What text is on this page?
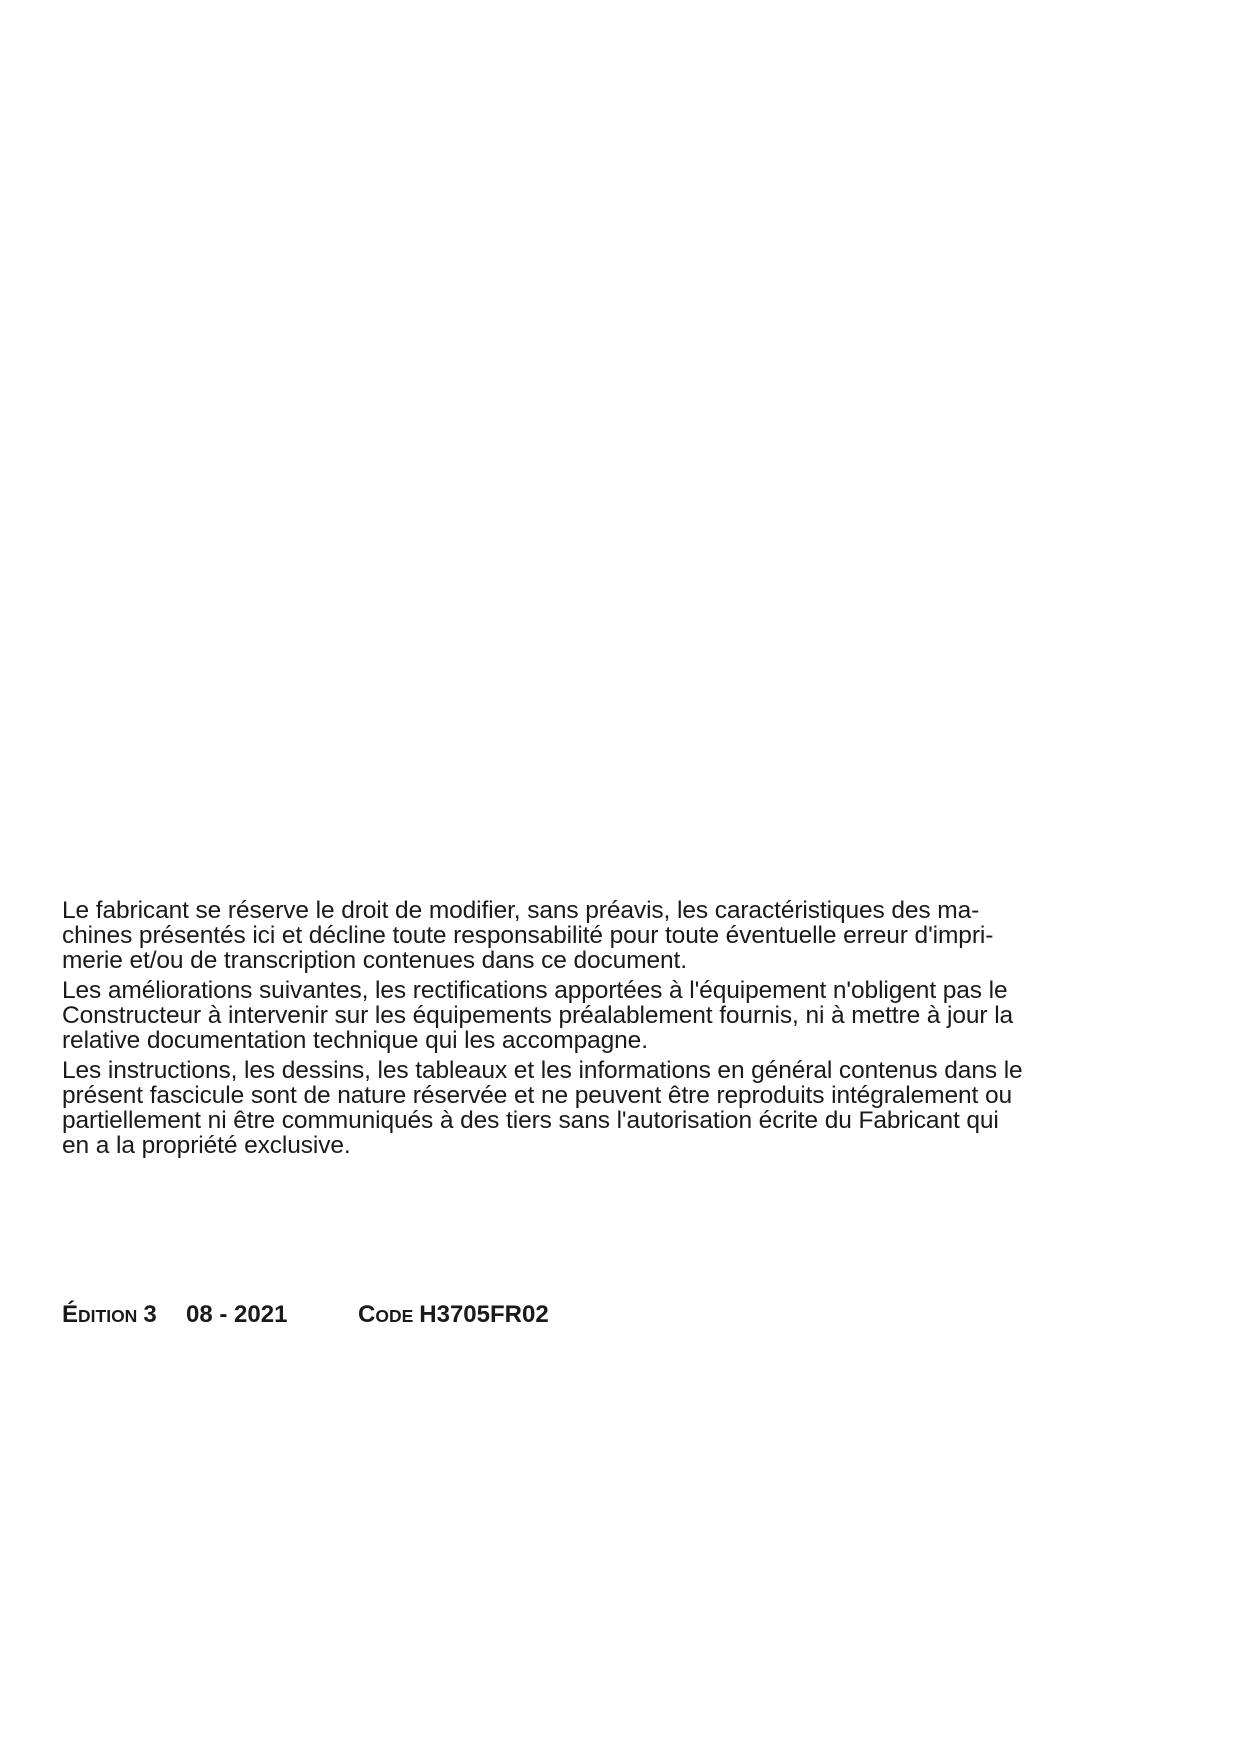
Le fabricant se réserve le droit de modifier, sans préavis, les caractéristiques des ma-
chines présentés ici et décline toute responsabilité pour toute éventuelle erreur d'impri-
merie et/ou de transcription contenues dans ce document.
Les améliorations suivantes, les rectifications apportées à l'équipement n'obligent pas le
Constructeur à intervenir sur les équipements préalablement fournis, ni à mettre à jour la
relative documentation technique qui les accompagne.
Les instructions, les dessins, les tableaux et les informations en général contenus dans le
présent fascicule sont de nature réservée et ne peuvent être reproduits intégralement ou
partiellement ni être communiqués à des tiers sans l'autorisation écrite du Fabricant qui
en a la propriété exclusive.
ÉDITION 3 08 - 2021	CODE H3705FR02
